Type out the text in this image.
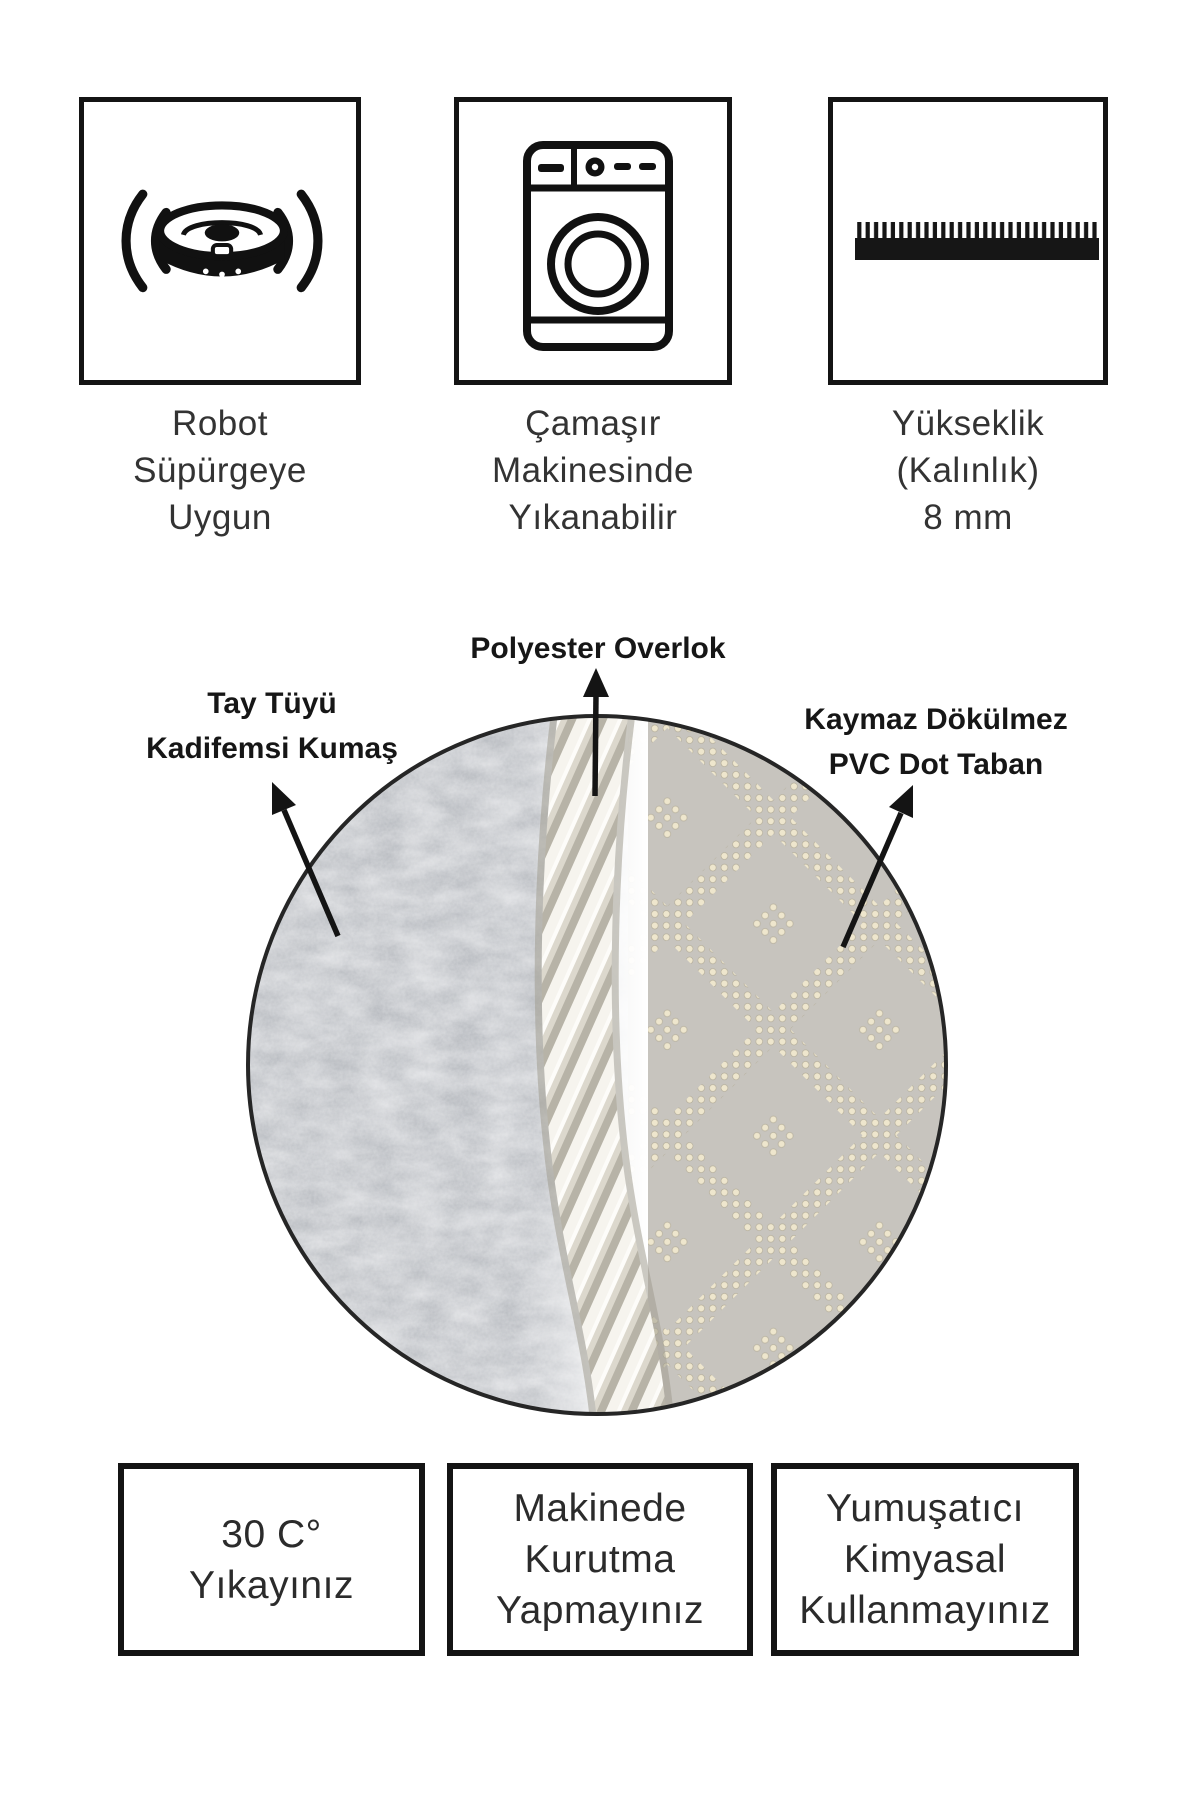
Robot
Süpürgeye
Uygun
Çamaşır
Makinesinde
Yıkanabilir
Yükseklik
(Kalınlık)
8 mm
Polyester Overlok
Tay Tüyü
Kadifemsi Kumaş
Kaymaz Dökülmez
PVC Dot Taban
30 C°
Yıkayınız
Makinede
Kurutma
Yapmayınız
Yumuşatıcı
Kimyasal
Kullanmayınız
